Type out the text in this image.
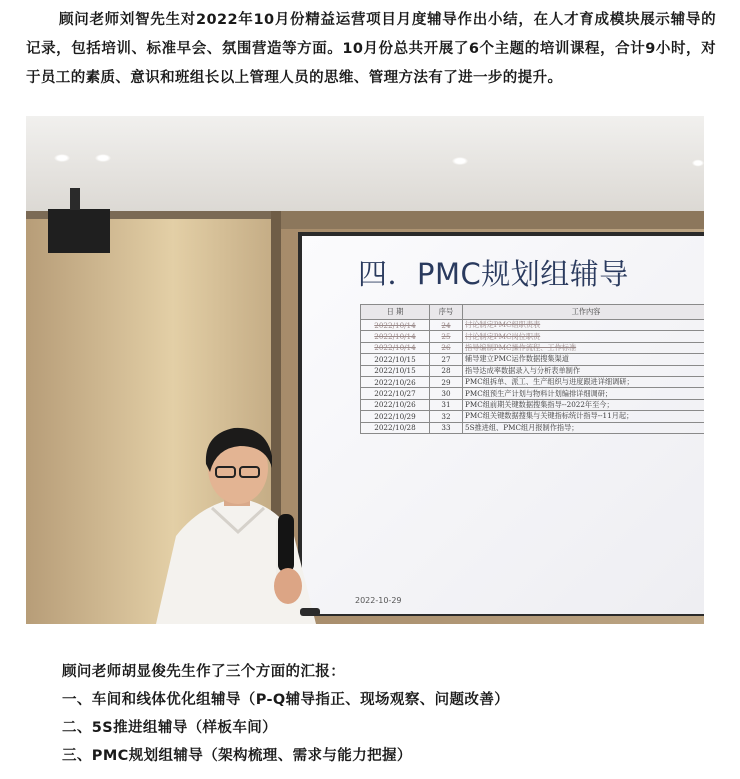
顾问老师刘智先生对2022年10月份精益运营项目月度辅导作出小结，在人才育成模块展示辅导的记录，包括培训、标准早会、氛围营造等方面。10月份总共开展了6个主题的培训课程，合计9小时，对于员工的素质、意识和班组长以上管理人员的思维、管理方法有了进一步的提升。

四．PMC规划组辅导
日 期	序号	工作内容
2022/10/14	24	讨论制定PMC组职责表
2022/10/14	25	讨论制定PMC岗位职责
2022/10/14	26	指导编制PMC操作流程、工作标准
2022/10/15	27	辅导建立PMC运作数据搜集渠道
2022/10/15	28	指导达成率数据录入与分析表单制作
2022/10/26	29	PMC组拆单、派工、生产组织与进度跟进详细调研；
2022/10/27	30	PMC组预生产计划与物料计划编排详细调研；
2022/10/26	31	PMC组前期关键数据搜集指导--2022年至今；
2022/10/29	32	PMC组关键数据搜集与关键指标统计指导--11月起；
2022/10/28	33	5S推进组、PMC组月报制作指导；
2022-10-29
顾问老师胡显俊先生作了三个方面的汇报：
一、车间和线体优化组辅导（P-Q辅导指正、现场观察、问题改善）
二、5S推进组辅导（样板车间）
三、PMC规划组辅导（架构梳理、需求与能力把握）
